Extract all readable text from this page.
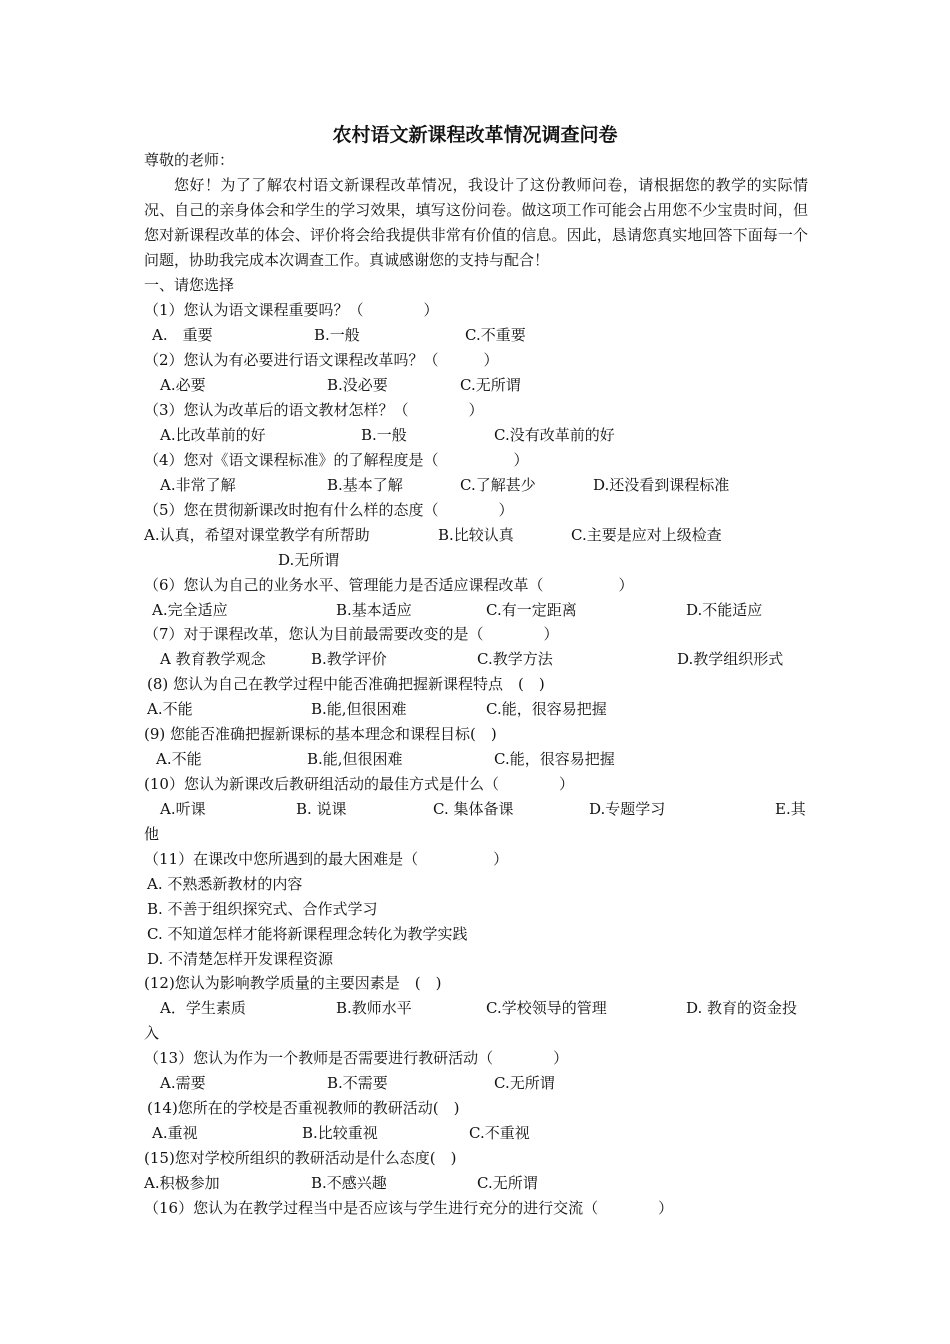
农村语文新课程改革情况调查问卷
尊敬的老师：
您好！为了了解农村语文新课程改革情况，我设计了这份教师问卷，请根据您的教学的实际情况、自己的亲身体会和学生的学习效果，填写这份问卷。做这项工作可能会占用您不少宝贵时间，但您对新课程改革的体会、评价将会给我提供非常有价值的信息。因此，恳请您真实地回答下面每一个问题，协助我完成本次调查工作。真诚感谢您的支持与配合！
一、请您选择
（1）您认为语文课程重要吗？（　　　　）
A.　重要	B.一般	C.不重要
（2）您认为有必要进行语文课程改革吗？（　　　）
A.必要	B.没必要	C.无所谓
（3）您认为改革后的语文教材怎样？（　　　　）
A.比改革前的好	B.一般	C.没有改革前的好
（4）您对《语文课程标准》的了解程度是（　　　　　）
A.非常了解	B.基本了解	C.了解甚少	D.还没看到课程标准
（5）您在贯彻新课改时抱有什么样的态度（　　　　）
A.认真，希望对课堂教学有所帮助	B.比较认真	C.主要是应对上级检查
D.无所谓
（6）您认为自己的业务水平、管理能力是否适应课程改革（　　　　　）
A.完全适应	B.基本适应	C.有一定距离	D.不能适应
（7）对于课程改革，您认为目前最需要改变的是（　　　　）
A 教育教学观念	B.教学评价	C.教学方法	D.教学组织形式
(8) 您认为自己在教学过程中能否准确把握新课程特点　(　)
A.不能	B.能,但很困难	C.能，很容易把握
(9) 您能否准确把握新课标的基本理念和课程目标(　)
A.不能	B.能,但很困难	C.能，很容易把握
(10）您认为新课改后教研组活动的最佳方式是什么（　　　　）
A.听课	B. 说课	C. 集体备课	D.专题学习	E.其
他
（11）在课改中您所遇到的最大困难是（　　　　　）
A. 不熟悉新教材的内容
B. 不善于组织探究式、合作式学习
C. 不知道怎样才能将新课程理念转化为教学实践
D. 不清楚怎样开发课程资源
(12)您认为影响教学质量的主要因素是　(　)
A．学生素质	B.教师水平	C.学校领导的管理	D. 教育的资金投
入
（13）您认为作为一个教师是否需要进行教研活动（　　　　）
A.需要	B.不需要	C.无所谓
(14)您所在的学校是否重视教师的教研活动(　)
A.重视	B.比较重视	C.不重视
(15)您对学校所组织的教研活动是什么态度(　)
A.积极参加	B.不感兴趣	C.无所谓
（16）您认为在教学过程当中是否应该与学生进行充分的进行交流（　　　　）
